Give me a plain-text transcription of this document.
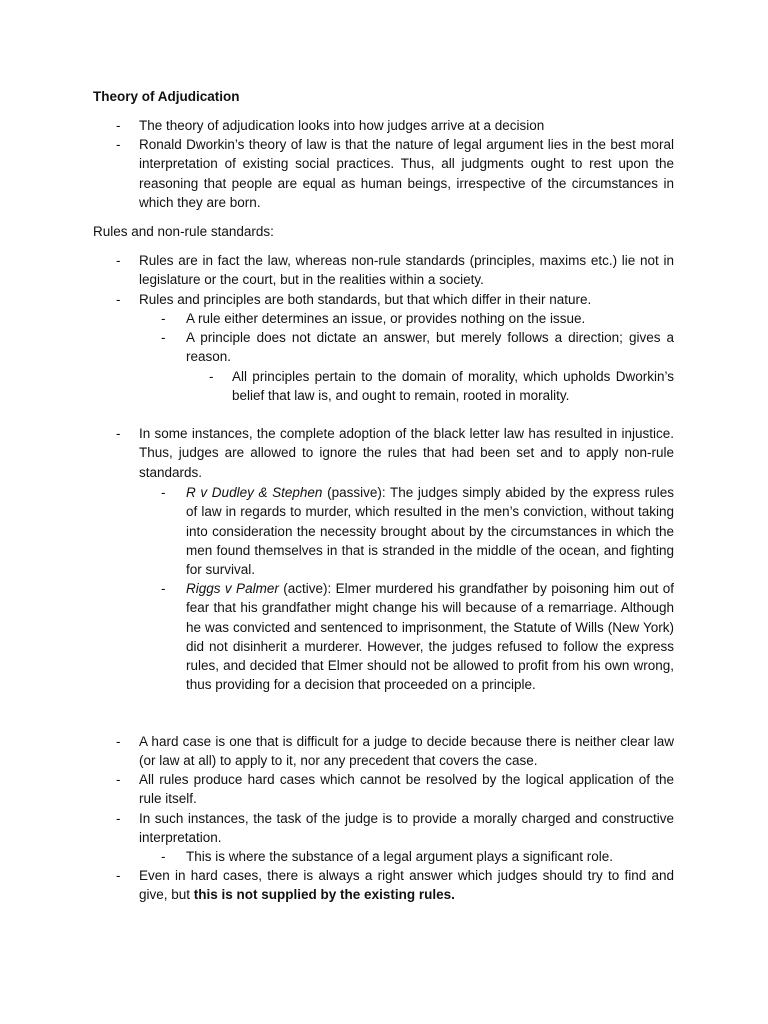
Theory of Adjudication
- The theory of adjudication looks into how judges arrive at a decision
- Ronald Dworkin’s theory of law is that the nature of legal argument lies in the best moral interpretation of existing social practices. Thus, all judgments ought to rest upon the reasoning that people are equal as human beings, irrespective of the circumstances in which they are born.
Rules and non-rule standards:
- Rules are in fact the law, whereas non-rule standards (principles, maxims etc.) lie not in legislature or the court, but in the realities within a society.
- Rules and principles are both standards, but that which differ in their nature.
- A rule either determines an issue, or provides nothing on the issue.
- A principle does not dictate an answer, but merely follows a direction; gives a reason.
- All principles pertain to the domain of morality, which upholds Dworkin’s belief that law is, and ought to remain, rooted in morality.
- In some instances, the complete adoption of the black letter law has resulted in injustice. Thus, judges are allowed to ignore the rules that had been set and to apply non-rule standards.
- R v Dudley & Stephen (passive): The judges simply abided by the express rules of law in regards to murder, which resulted in the men’s conviction, without taking into consideration the necessity brought about by the circumstances in which the men found themselves in that is stranded in the middle of the ocean, and fighting for survival.
- Riggs v Palmer (active): Elmer murdered his grandfather by poisoning him out of fear that his grandfather might change his will because of a remarriage. Although he was convicted and sentenced to imprisonment, the Statute of Wills (New York) did not disinherit a murderer. However, the judges refused to follow the express rules, and decided that Elmer should not be allowed to profit from his own wrong, thus providing for a decision that proceeded on a principle.
- A hard case is one that is difficult for a judge to decide because there is neither clear law (or law at all) to apply to it, nor any precedent that covers the case.
- All rules produce hard cases which cannot be resolved by the logical application of the rule itself.
- In such instances, the task of the judge is to provide a morally charged and constructive interpretation.
- This is where the substance of a legal argument plays a significant role.
- Even in hard cases, there is always a right answer which judges should try to find and give, but this is not supplied by the existing rules.
